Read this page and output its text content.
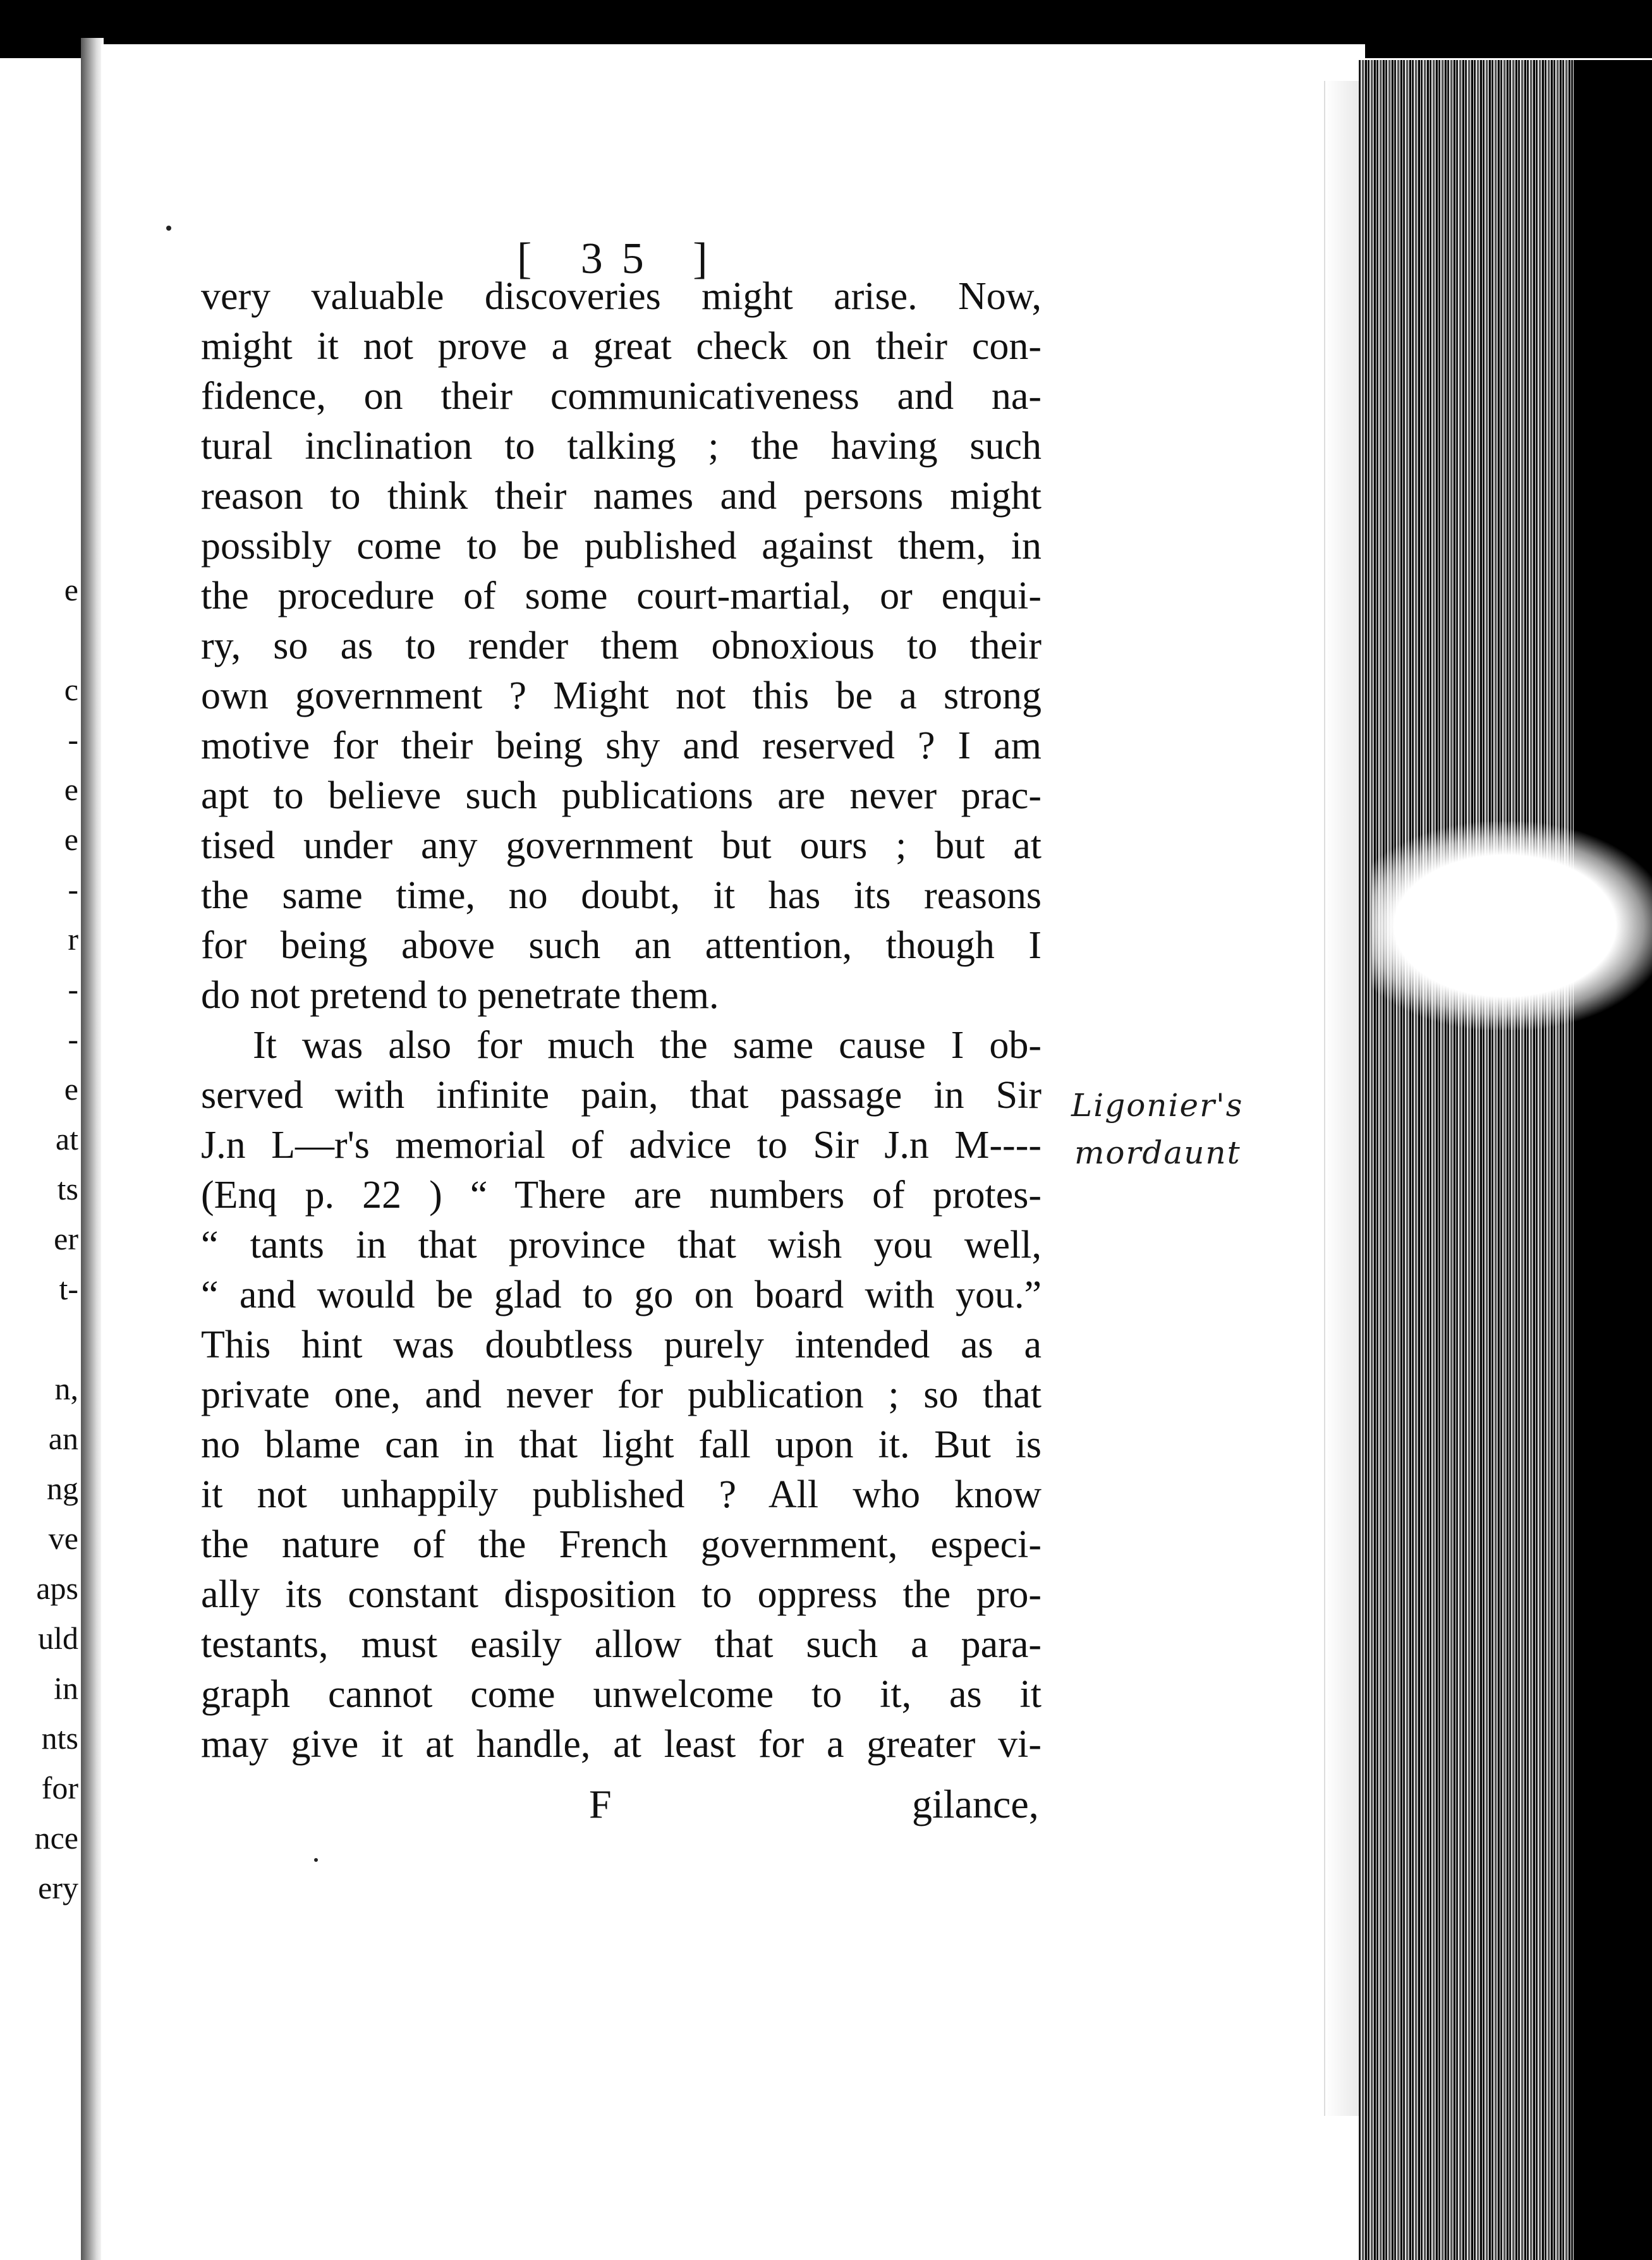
e
c
-
e
e
-
r
-
-
e
at
ts
er
t-
n,
an
ng
ve
aps
uld
in
nts
for
nce
ery
[ 35 ]
very valuable discoveries might arise. Now,
might it not prove a great check on their con-
fidence, on their communicativeness and na-
tural inclination to talking ; the having such
reason to think their names and persons might
possibly come to be published against them, in
the procedure of some court-martial, or enqui-
ry, so as to render them obnoxious to their
own government ? Might not this be a strong
motive for their being shy and reserved ? I am
apt to believe such publications are never prac-
tised under any government but ours ; but at
the same time, no doubt, it has its reasons
for being above such an attention, though I
do not pretend to penetrate them.
It was also for much the same cause I ob-
served with infinite pain, that passage in Sir
J.n L—r's memorial of advice to Sir J.n M----
(Enq p. 22 ) “ There are numbers of protes-
“ tants in that province that wish you well,
“ and would be glad to go on board with you.”
This hint was doubtless purely intended as a
private one, and never for publication ; so that
no blame can in that light fall upon it. But is
it not unhappily published ? All who know
the nature of the French government, especi-
ally its constant disposition to oppress the pro-
testants, must easily allow that such a para-
graph cannot come unwelcome to it, as it
may give it at handle, at least for a greater vi-
F	gilance,
Ligonier's
mordaunt
